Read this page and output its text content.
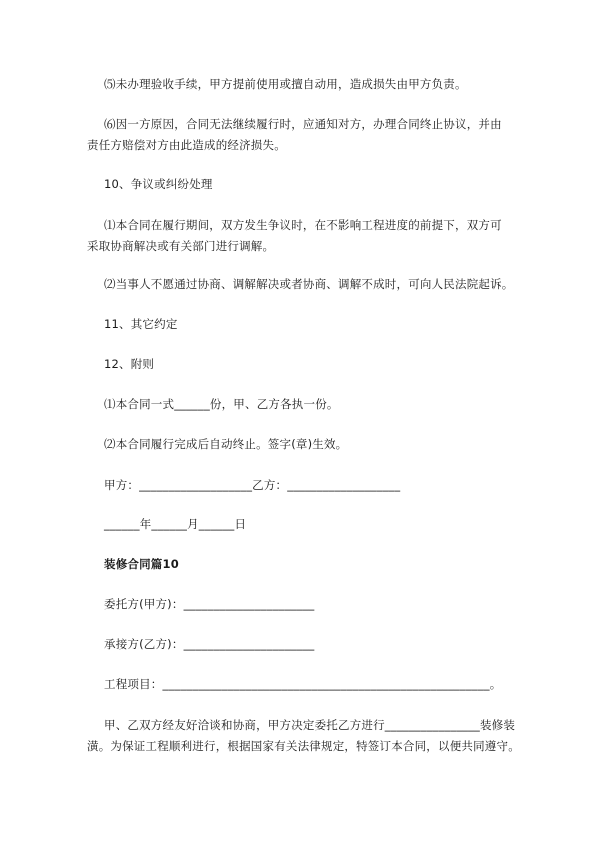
⑸未办理验收手续，甲方提前使用或擅自动用，造成损失由甲方负责。
⑹因一方原因，合同无法继续履行时，应通知对方，办理合同终止协议，并由
责任方赔偿对方由此造成的经济损失。
10、争议或纠纷处理
⑴本合同在履行期间，双方发生争议时，在不影响工程进度的前提下，双方可
采取协商解决或有关部门进行调解。
⑵当事人不愿通过协商、调解解决或者协商、调解不成时，可向人民法院起诉。
11、其它约定
12、附则
⑴本合同一式______份，甲、乙方各执一份。
⑵本合同履行完成后自动终止。签字(章)生效。
甲方：___________________乙方：___________________
______年______月______日
装修合同篇10
委托方(甲方)：______________________
承接方(乙方)：______________________
工程项目：_______________________________________________________。
甲、乙双方经友好洽谈和协商，甲方决定委托乙方进行________________装修装
潢。为保证工程顺利进行，根据国家有关法律规定，特签订本合同，以便共同遵守。
